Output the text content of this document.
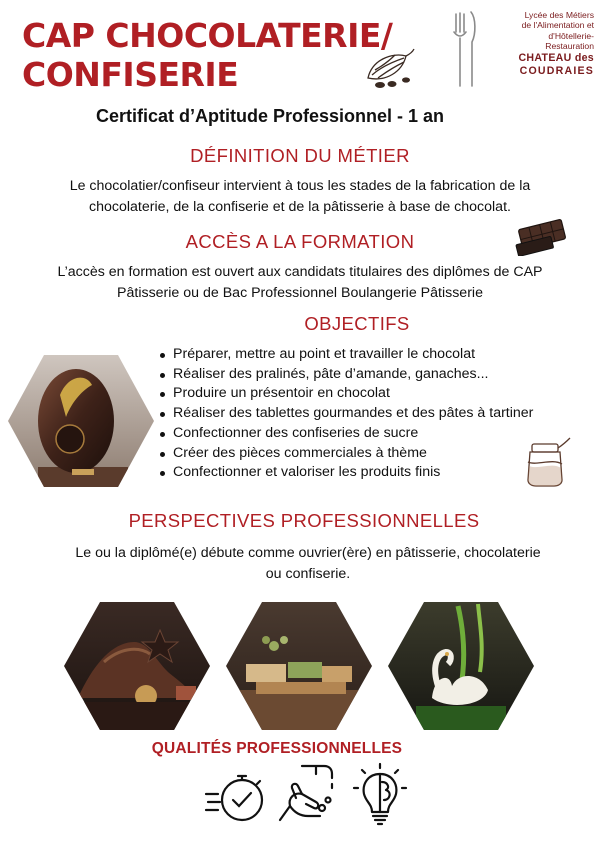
CAP CHOCOLATERIE/
CONFISERIE
Lycée des Métiers
de l'Alimentation et
d'Hôtellerie-
Restauration
CHATEAU des
COUDRAIES
Certificat d’Aptitude Professionnel - 1 an
DÉFINITION DU MÉTIER
Le chocolatier/confiseur intervient à tous les stades de la fabrication de la
chocolaterie, de la confiserie et de la pâtisserie à base de chocolat.
ACCÈS A LA FORMATION
L’accès en formation est ouvert aux candidats titulaires des diplômes de CAP
Pâtisserie ou de Bac Professionnel Boulangerie Pâtisserie
OBJECTIFS
Préparer, mettre au point et travailler le chocolat
Réaliser des pralinés, pâte d’amande, ganaches...
Produire un présentoir en chocolat
Réaliser des tablettes gourmandes et des pâtes à tartiner
Confectionner des confiseries de sucre
Créer des pièces commerciales à thème
Confectionner et valoriser les produits finis
PERSPECTIVES PROFESSIONNELLES
Le ou la diplômé(e) débute comme ouvrier(ère) en pâtisserie, chocolaterie
ou confiserie.
QUALITÉS PROFESSIONNELLES
